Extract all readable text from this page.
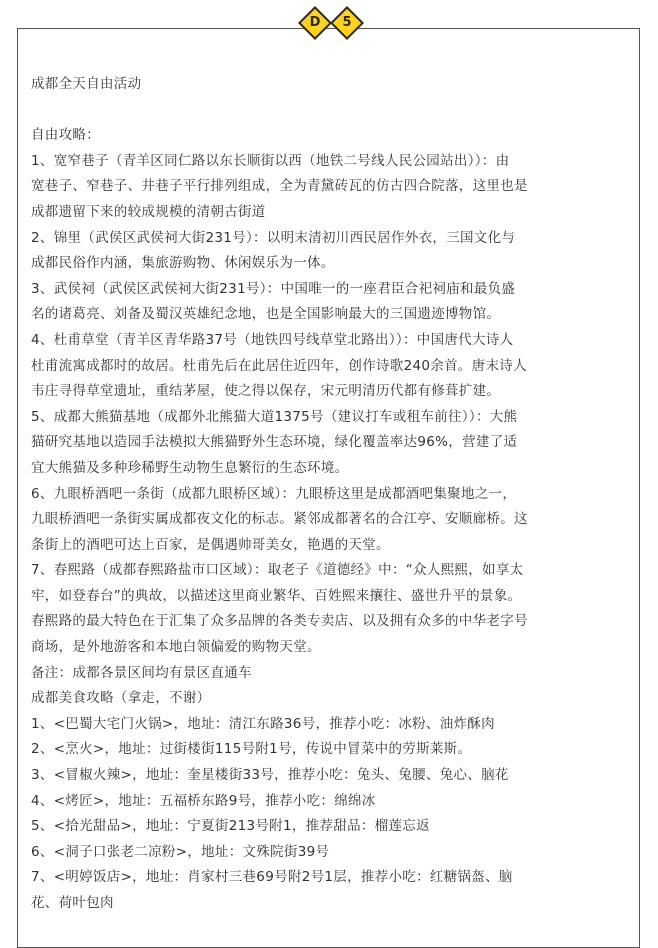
D	5
成都全天自由活动
自由攻略：
1、宽窄巷子（青羊区同仁路以东长顺街以西（地铁二号线人民公园站出））：由
宽巷子、窄巷子、井巷子平行排列组成，全为青黛砖瓦的仿古四合院落，这里也是
成都遗留下来的较成规模的清朝古街道
2、锦里（武侯区武侯祠大街231号）：以明末清初川西民居作外衣，三国文化与
成都民俗作内涵，集旅游购物、休闲娱乐为一体。
3、武侯祠（武侯区武侯祠大街231号）：中国唯一的一座君臣合祀祠庙和最负盛
名的诸葛亮、刘备及蜀汉英雄纪念地，也是全国影响最大的三国遗迹博物馆。
4、杜甫草堂（青羊区青华路37号（地铁四号线草堂北路出））：中国唐代大诗人
杜甫流寓成都时的故居。杜甫先后在此居住近四年，创作诗歌240余首。唐末诗人
韦庄寻得草堂遗址，重结茅屋，使之得以保存，宋元明清历代都有修葺扩建。
5、成都大熊猫基地（成都外北熊猫大道1375号（建议打车或租车前往））：大熊
猫研究基地以造园手法模拟大熊猫野外生态环境，绿化覆盖率达96%，营建了适
宜大熊猫及多种珍稀野生动物生息繁衍的生态环境。
6、九眼桥酒吧一条街（成都九眼桥区域）：九眼桥这里是成都酒吧集聚地之一，
九眼桥酒吧一条街实属成都夜文化的标志。紧邻成都著名的合江亭、安顺廊桥。这
条街上的酒吧可达上百家，是偶遇帅哥美女，艳遇的天堂。
7、春熙路（成都春熙路盐市口区域）：取老子《道德经》中：“众人熙熙，如享太
牢，如登春台”的典故，以描述这里商业繁华、百姓熙来攘往、盛世升平的景象。
春熙路的最大特色在于汇集了众多品牌的各类专卖店、以及拥有众多的中华老字号
商场，是外地游客和本地白领偏爱的购物天堂。
备注：成都各景区间均有景区直通车
成都美食攻略（拿走，不谢）
1、<巴蜀大宅门火锅>，地址：清江东路36号，推荐小吃：冰粉、油炸酥肉
2、<烹火>，地址：过街楼街115号附1号，传说中冒菜中的劳斯莱斯。
3、<冒椒火辣>，地址：奎星楼街33号，推荐小吃：兔头、兔腰、兔心、脑花
4、<烤匠>，地址：五福桥东路9号，推荐小吃：绵绵冰
5、<拾光甜品>，地址：宁夏街213号附1，推荐甜品：榴莲忘返
6、<洞子口张老二凉粉>，地址：文殊院街39号
7、<明婷饭店>，地址：肖家村三巷69号附2号1层，推荐小吃：红糖锅盔、脑
花、荷叶包肉
